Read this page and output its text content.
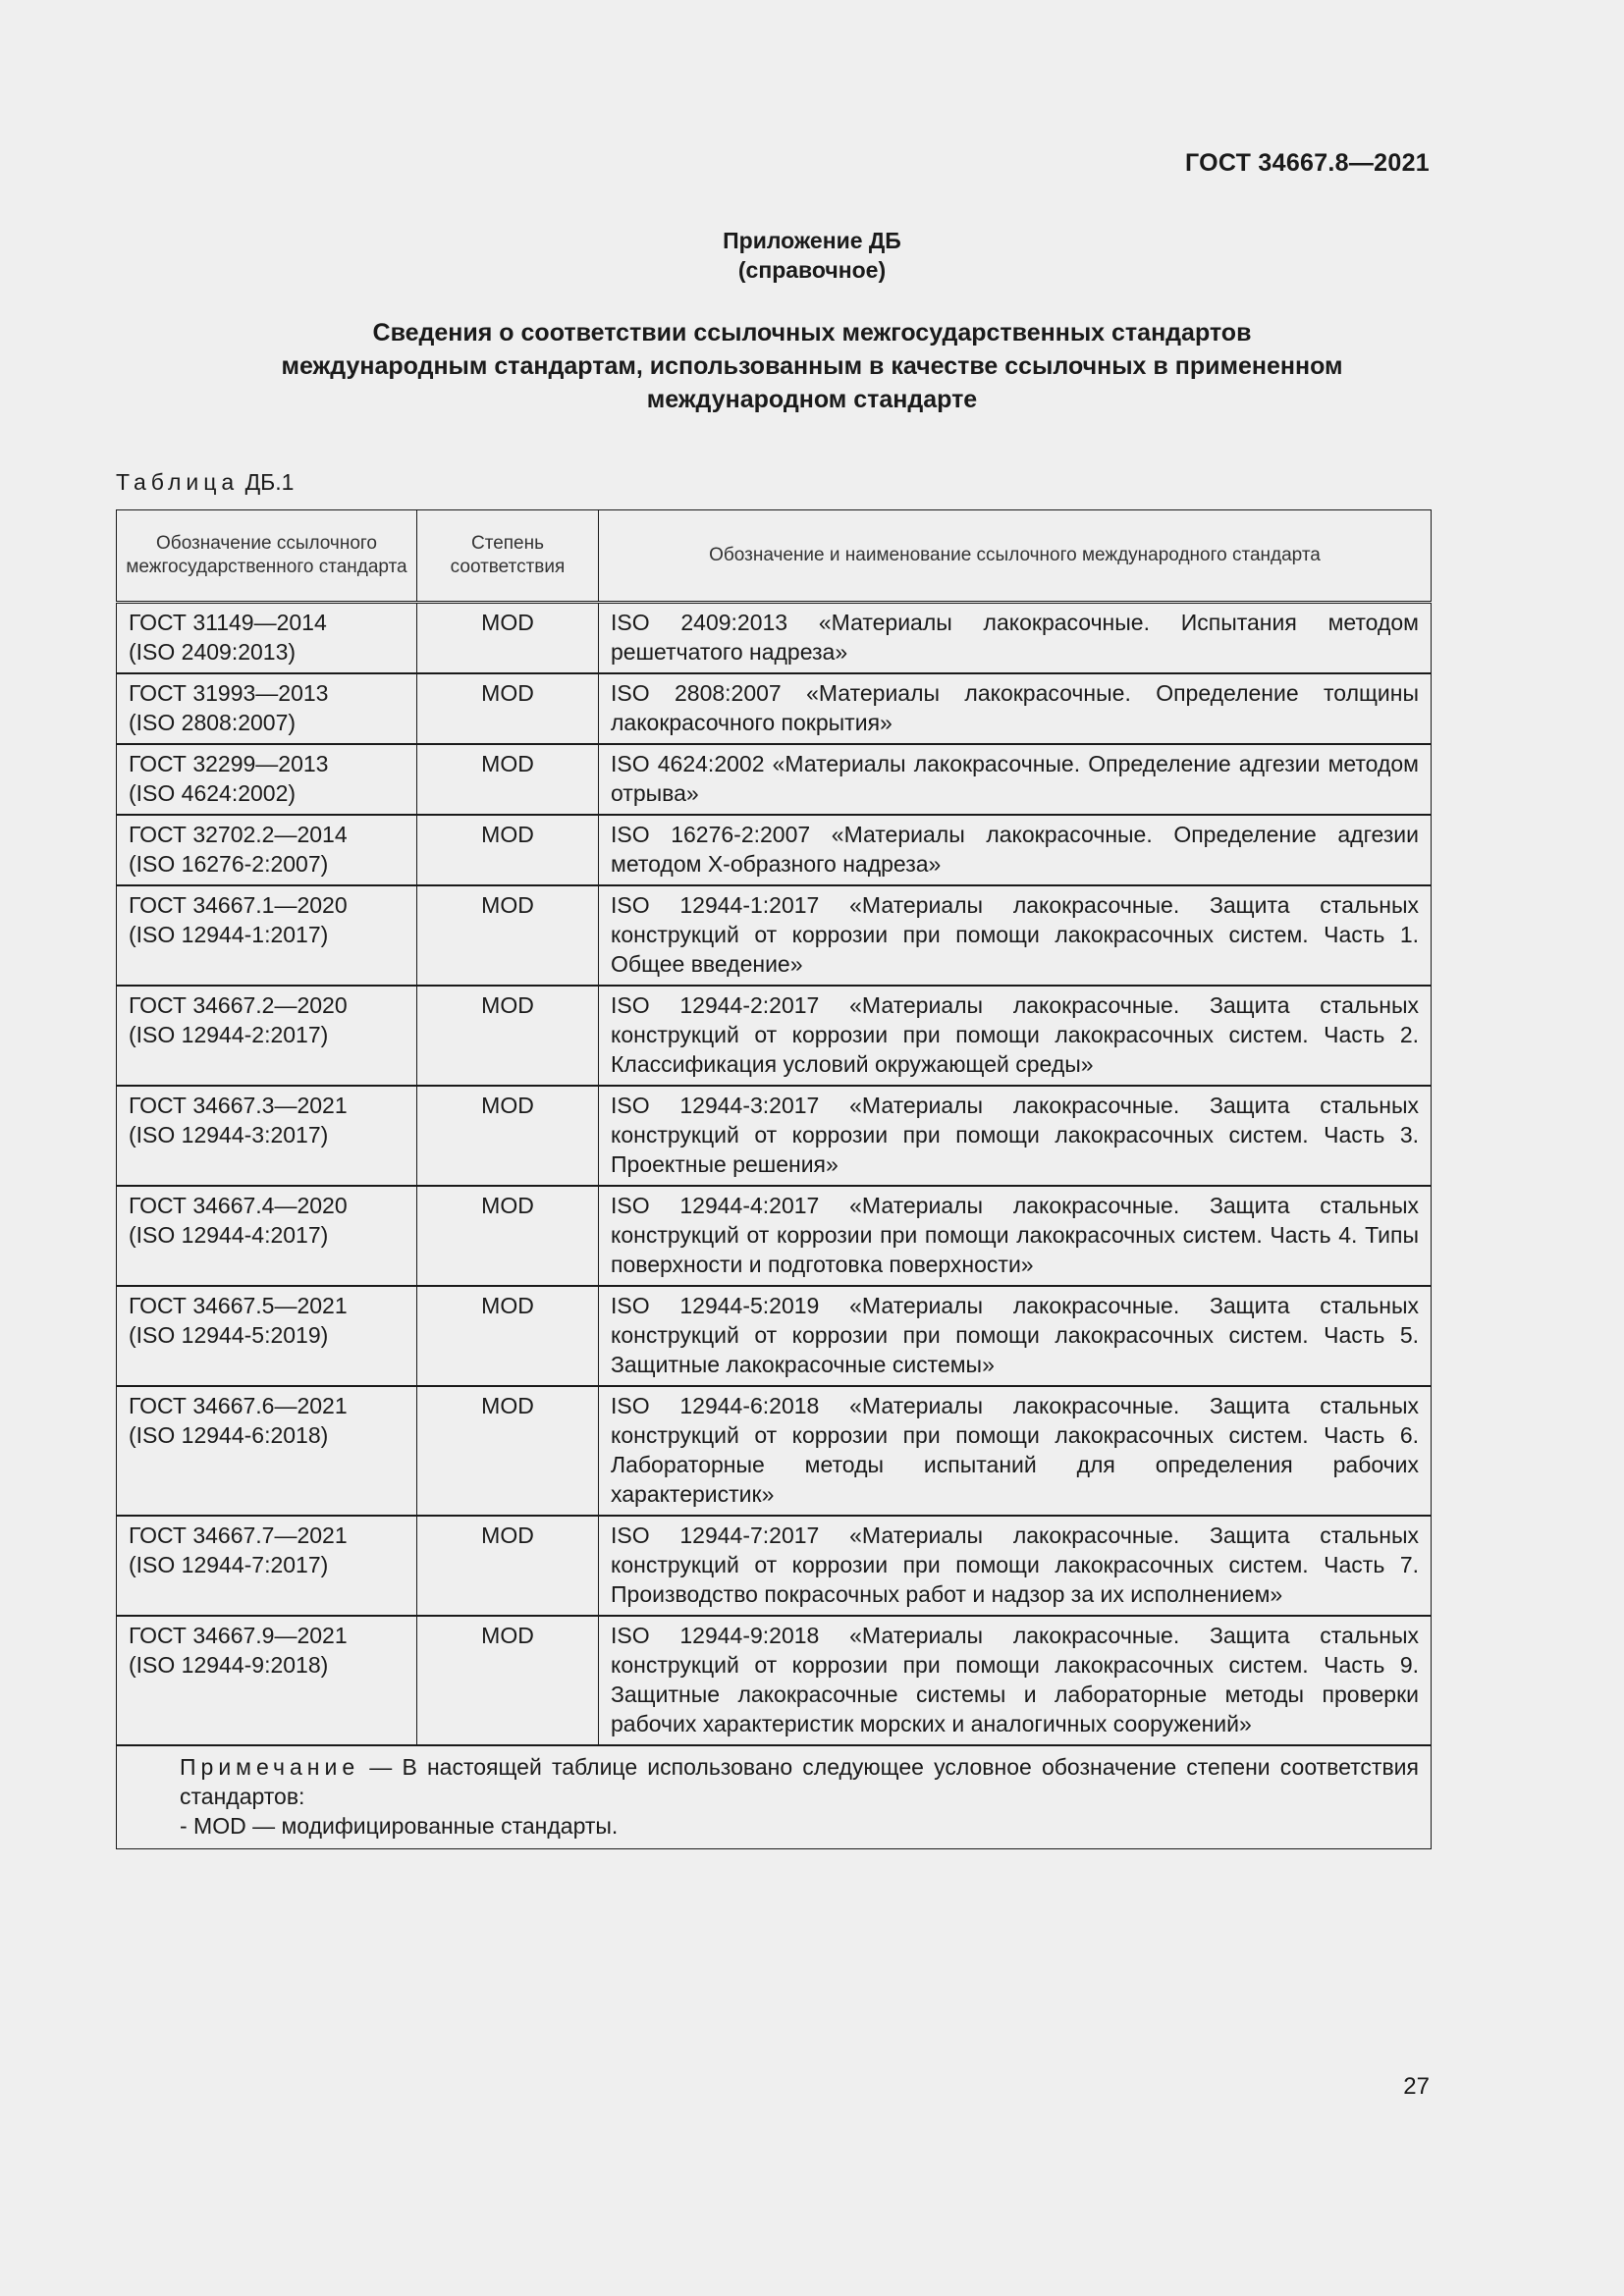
ГОСТ 34667.8—2021
Приложение ДБ
(справочное)
Сведения о соответствии ссылочных межгосударственных стандартов
международным стандартам, использованным в качестве ссылочных в примененном
международном стандарте
Таблица ДБ.1
Обозначение ссылочного межгосударственного стандарта	Степень соответствия	Обозначение и наименование ссылочного международного стандарта

ГОСТ 31149—2014
(ISO 2409:2013)	MOD	ISO 2409:2013 «Материалы лакокрасочные. Испытания методом решетчатого надреза»

ГОСТ 31993—2013
(ISO 2808:2007)	MOD	ISO 2808:2007 «Материалы лакокрасочные. Определение толщины лакокрасочного покрытия»

ГОСТ 32299—2013
(ISO 4624:2002)	MOD	ISO 4624:2002 «Материалы лакокрасочные. Определение адгезии методом отрыва»

ГОСТ 32702.2—2014
(ISO 16276-2:2007)	MOD	ISO 16276-2:2007 «Материалы лакокрасочные. Определение адгезии методом Х-образного надреза»

ГОСТ 34667.1—2020
(ISO 12944-1:2017)	MOD	ISO 12944-1:2017 «Материалы лакокрасочные. Защита стальных конструкций от коррозии при помощи лакокрасочных систем. Часть 1. Общее введение»

ГОСТ 34667.2—2020
(ISO 12944-2:2017)	MOD	ISO 12944-2:2017 «Материалы лакокрасочные. Защита стальных конструкций от коррозии при помощи лакокрасочных систем. Часть 2. Классификация условий окружающей среды»

ГОСТ 34667.3—2021
(ISO 12944-3:2017)	MOD	ISO 12944-3:2017 «Материалы лакокрасочные. Защита стальных конструкций от коррозии при помощи лакокрасочных систем. Часть 3. Проектные решения»

ГОСТ 34667.4—2020
(ISO 12944-4:2017)	MOD	ISO 12944-4:2017 «Материалы лакокрасочные. Защита стальных конструкций от коррозии при помощи лакокрасочных систем. Часть 4. Типы поверхности и подготовка поверхности»

ГОСТ 34667.5—2021
(ISO 12944-5:2019)	MOD	ISO 12944-5:2019 «Материалы лакокрасочные. Защита стальных конструкций от коррозии при помощи лакокрасочных систем. Часть 5. Защитные лакокрасочные системы»

ГОСТ 34667.6—2021
(ISO 12944-6:2018)	MOD	ISO 12944-6:2018 «Материалы лакокрасочные. Защита стальных конструкций от коррозии при помощи лакокрасочных систем. Часть 6. Лабораторные методы испытаний для определения рабочих характеристик»

ГОСТ 34667.7—2021
(ISO 12944-7:2017)	MOD	ISO 12944-7:2017 «Материалы лакокрасочные. Защита стальных конструкций от коррозии при помощи лакокрасочных систем. Часть 7. Производство покрасочных работ и надзор за их исполнением»

ГОСТ 34667.9—2021
(ISO 12944-9:2018)	MOD	ISO 12944-9:2018 «Материалы лакокрасочные. Защита стальных конструкций от коррозии при помощи лакокрасочных систем. Часть 9. Защитные лакокрасочные системы и лабораторные методы проверки рабочих характеристик морских и аналогичных сооружений»

Примечание — В настоящей таблице использовано следующее условное обозначение степени соответствия стандартов:
- MOD — модифицированные стандарты.		
27
